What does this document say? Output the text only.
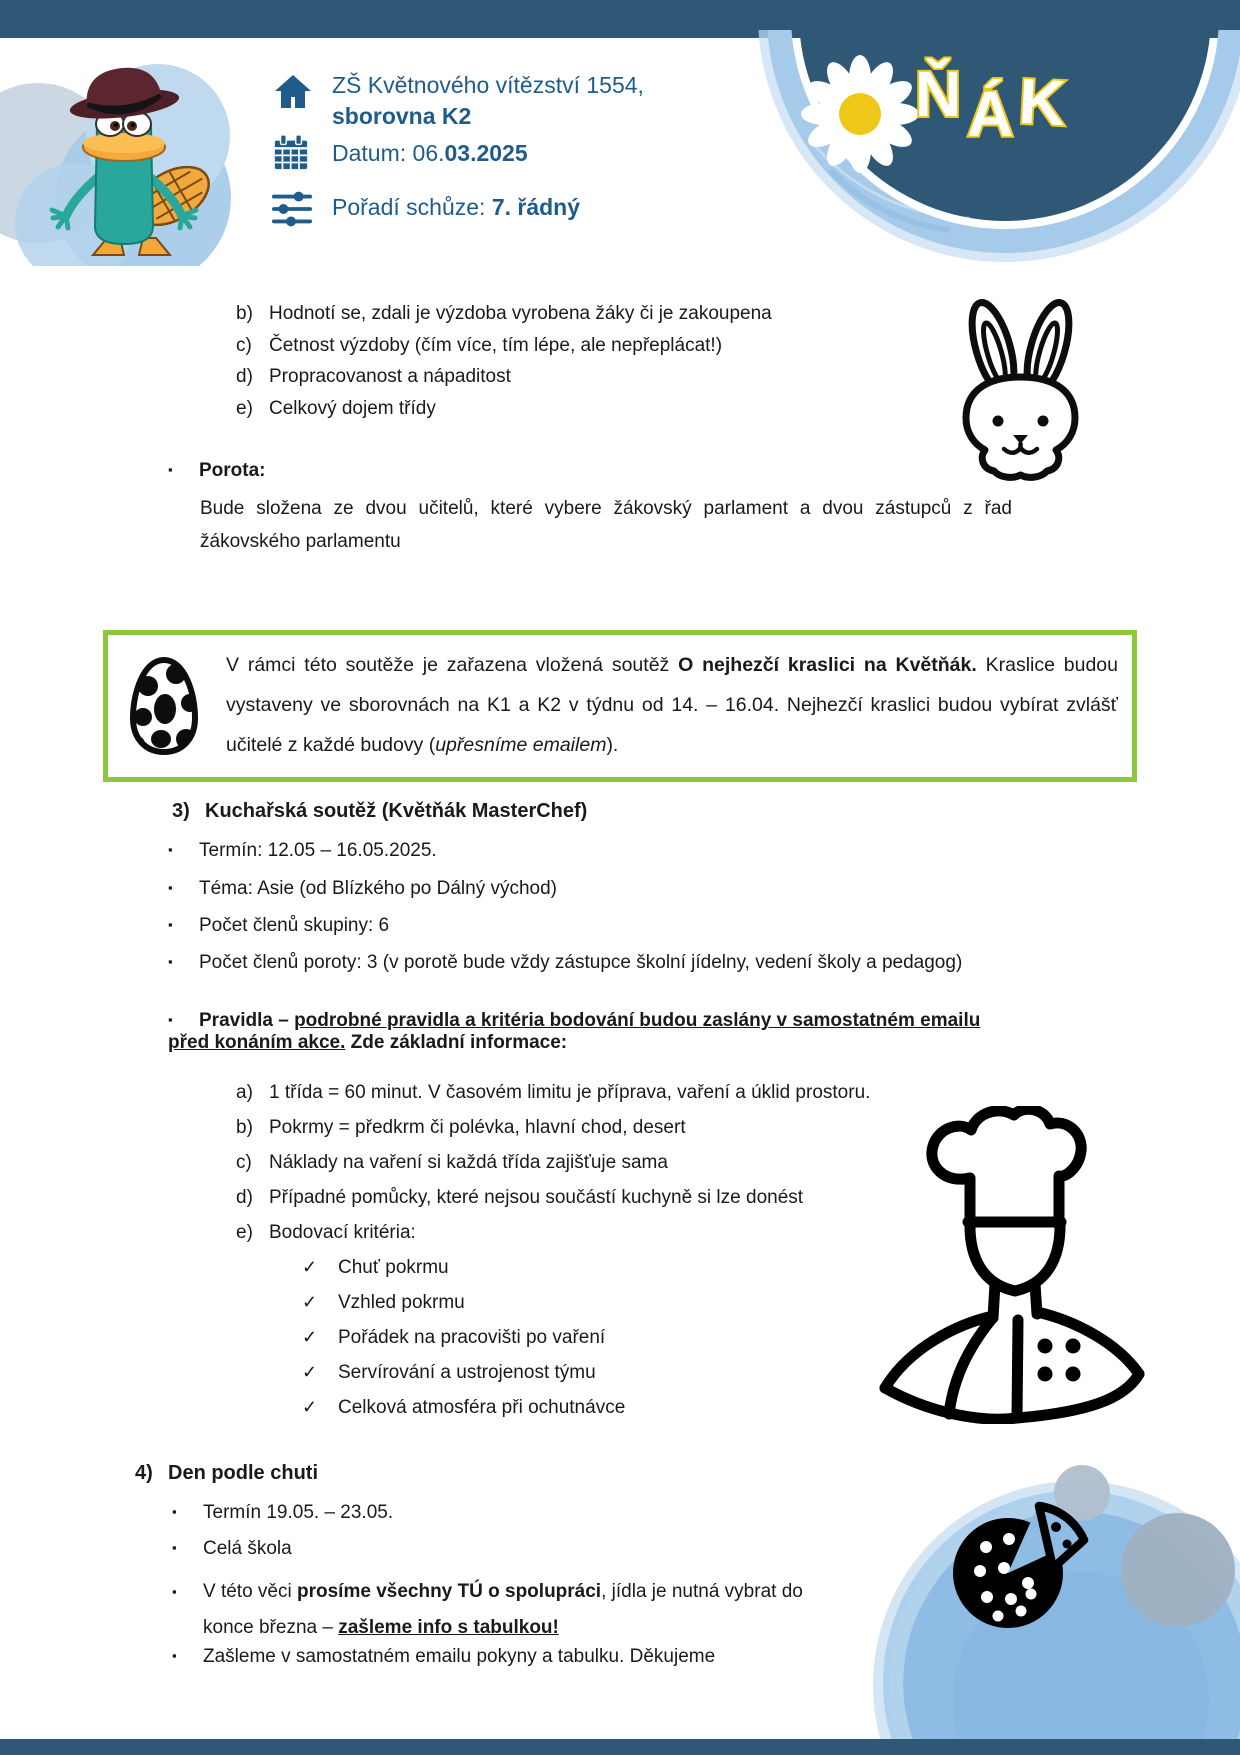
ZŠ Květnového vítězství 1554,
sborovna K2
Datum: 06.03.2025
Pořadí schůze: 7. řádný
Ň Á K
b) Hodnotí se, zdali je výzdoba vyrobena žáky či je zakoupena
c) Četnost výzdoby (čím více, tím lépe, ale nepřeplácat!)
d) Propracovanost a nápaditost
e) Celkový dojem třídy
▪ Porota:
Bude složena ze dvou učitelů, které vybere žákovský parlament a dvou zástupců z řad žákovského parlamentu
V rámci této soutěže je zařazena vložená soutěž O nejhezčí kraslici na Květňák. Kraslice budou vystaveny ve sborovnách na K1 a K2 v týdnu od 14. – 16.04. Nejhezčí kraslici budou vybírat zvlášť učitelé z každé budovy (upřesníme emailem).
3) Kuchařská soutěž (Květňák MasterChef)
▪ Termín: 12.05 – 16.05.2025.
▪ Téma: Asie (od Blízkého po Dálný východ)
▪ Počet členů skupiny: 6
▪ Počet členů poroty: 3 (v porotě bude vždy zástupce školní jídelny, vedení školy a pedagog)
▪ Pravidla – podrobné pravidla a kritéria bodování budou zaslány v samostatném emailu před konáním akce. Zde základní informace:
a) 1 třída = 60 minut. V časovém limitu je příprava, vaření a úklid prostoru.
b) Pokrmy = předkrm či polévka, hlavní chod, desert
c) Náklady na vaření si každá třída zajišťuje sama
d) Případné pomůcky, které nejsou součástí kuchyně si lze donést
e) Bodovací kritéria:
✓ Chuť pokrmu
✓ Vzhled pokrmu
✓ Pořádek na pracovišti po vaření
✓ Servírování a ustrojenost týmu
✓ Celková atmosféra při ochutnávce
4) Den podle chuti
▪ Termín 19.05. – 23.05.
▪ Celá škola
▪	V této věci prosíme všechny TÚ o spolupráci, jídla je nutná vybrat do konce března – zašleme info s tabulkou!
▪ Zašleme v samostatném emailu pokyny a tabulku. Děkujeme
